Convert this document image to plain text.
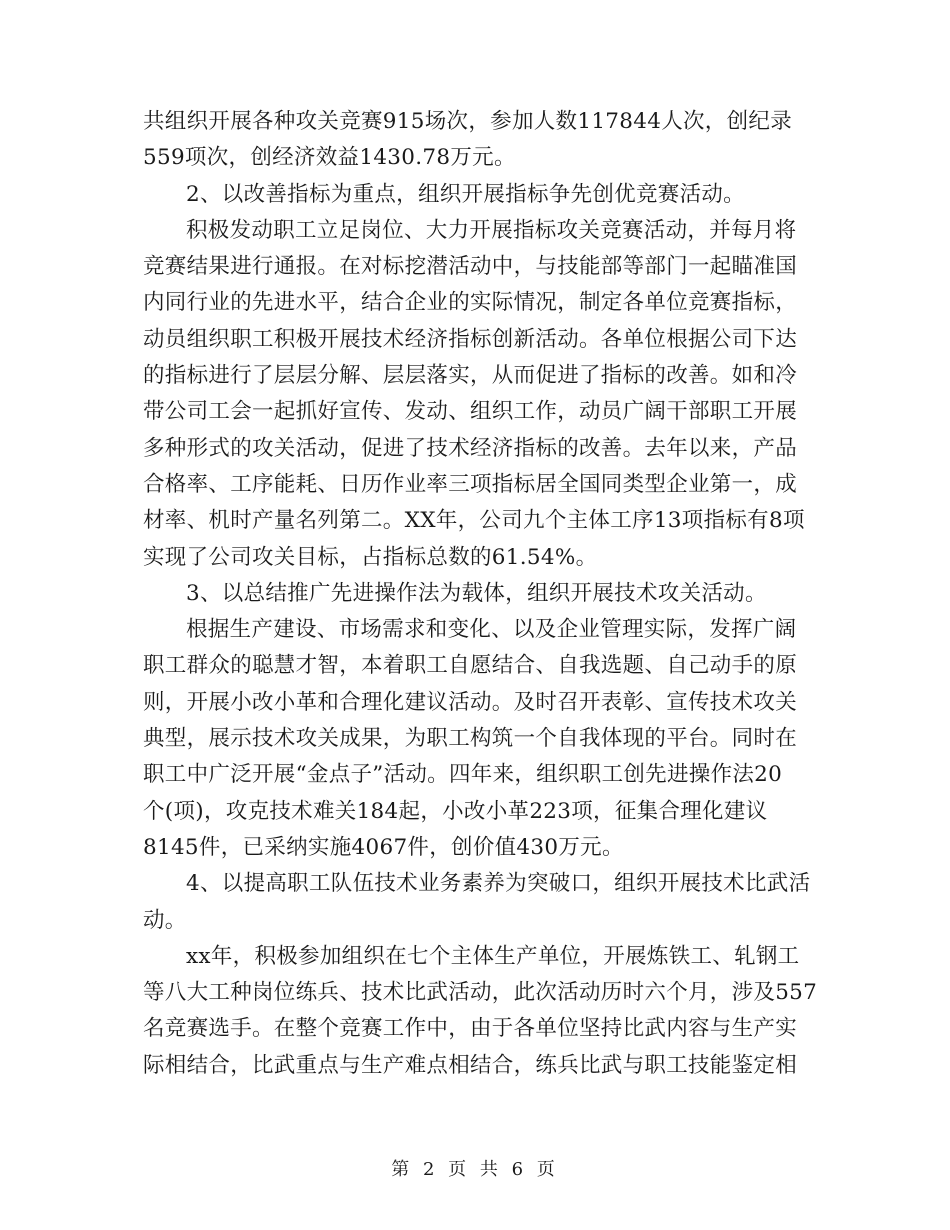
共组织开展各种攻关竞赛915场次，参加人数117844人次，创纪录
559项次，创经济效益1430.78万元。
2、以改善指标为重点，组织开展指标争先创优竞赛活动。
积极发动职工立足岗位、大力开展指标攻关竞赛活动，并每月将
竞赛结果进行通报。在对标挖潜活动中，与技能部等部门一起瞄准国
内同行业的先进水平，结合企业的实际情况，制定各单位竞赛指标，
动员组织职工积极开展技术经济指标创新活动。各单位根据公司下达
的指标进行了层层分解、层层落实，从而促进了指标的改善。如和冷
带公司工会一起抓好宣传、发动、组织工作，动员广阔干部职工开展
多种形式的攻关活动，促进了技术经济指标的改善。去年以来，产品
合格率、工序能耗、日历作业率三项指标居全国同类型企业第一，成
材率、机时产量名列第二。XX年，公司九个主体工序13项指标有8项
实现了公司攻关目标，占指标总数的61.54%。
3、以总结推广先进操作法为载体，组织开展技术攻关活动。
根据生产建设、市场需求和变化、以及企业管理实际，发挥广阔
职工群众的聪慧才智，本着职工自愿结合、自我选题、自己动手的原
则，开展小改小革和合理化建议活动。及时召开表彰、宣传技术攻关
典型，展示技术攻关成果，为职工构筑一个自我体现的平台。同时在
职工中广泛开展“金点子”活动。四年来，组织职工创先进操作法20
个(项)，攻克技术难关184起，小改小革223项，征集合理化建议
8145件，已采纳实施4067件，创价值430万元。
4、以提高职工队伍技术业务素养为突破口，组织开展技术比武活
动。
xx年，积极参加组织在七个主体生产单位，开展炼铁工、轧钢工
等八大工种岗位练兵、技术比武活动，此次活动历时六个月，涉及557
名竞赛选手。在整个竞赛工作中，由于各单位坚持比武内容与生产实
际相结合，比武重点与生产难点相结合，练兵比武与职工技能鉴定相
第 2 页 共 6 页
